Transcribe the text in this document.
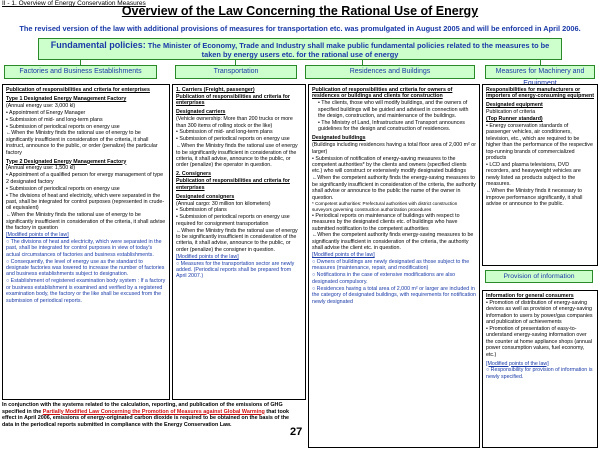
II - 1. Overview of Energy Conservation Measures
Overview of the Law Concerning the Rational Use of Energy
The revised version of the law with additional provisions of measures for transportation etc. was promulgated in August 2005 and will be enforced in April 2006.
Fundamental policies: The Minister of Economy, Trade and Industry shall make public fundamental policies related to the measures to be taken by energy users etc. for the rational use of energy
Factories and Business Establishments	Transportation	Residences and Buildings	Measures for Machinery and

Publication of responsibilities and criteria for enterprises

Type 1 Designated Energy Management Factory

(Annual energy use: 3,000 kl)

• Appointment of Energy Manager

• Submission of mid- and long-term plans

• Submission of periodical reports on energy use

←When the Ministry finds the rational use of energy to be significantly insufficient in consideration of the criteria, it shall instruct, announce to the public, or order (penalize) the particular factory

Type 2 Designated Energy Management Factory

(Annual energy use: 1,500 kl)

• Appointment of a qualified person for energy management of type 2 designated factory

• Submission of periodical reports on energy use

• The divisions of heat and electricity, which were separated in the past, shall be integrated for control purposes (represented in crude-oil equivalent)

←When the Ministry finds the rational use of energy to be significantly insufficient in consideration of the criteria, it shall advise the factory in question

[Modified points of the law]

○ The divisions of heat and electricity, which were separated in the past, shall be integrated for control purposes in view of today's actual circumstances of factories and business establishments.

○ Consequently, the level of energy use as the standard to designate factories was lowered to increase the number of factories and business establishments subject to designation.

○ Establishment of registered examination body system : If a factory or business establishment is examined and verified by a registered examination body, the factory or the like shall be excused from the submission of periodical reports.

1. Carriers (Freight, passenger)

Publication of responsibilities and criteria for enterprises

Designated carriers

(Vehicle ownership: More than 200 trucks or more than 300 items of rolling stock or the like)

• Submission of mid- and long-term plans

• Submission of periodical reports on energy use

←When the Ministry finds the rational use of energy to be significantly insufficient in consideration of the criteria, it shall advise, announce to the public, or order (penalize) the operator in question.

2. Consigners

Publication of responsibilities and criteria for enterprises

Designated consigners

(Annual cargo: 30 million ton kilometers)

• Submission of plans

• Submission of periodical reports on energy use required for consignment transportation

←When the Ministry finds the rational use of energy to be significantly insufficient in consideration of the criteria, it shall advise, announce to the public, or order (penalize) the consigner in question.

[Modified points of the law]

○ Measures for the transportation sector are newly added. (Periodical reports shall be prepared from April 2007.)

Publication of responsibilities and criteria for owners of residences or buildings and clients for construction

• The clients, those who will modify buildings, and the owners of specified buildings will be guided and advised in connection with the design, construction, and maintenance of the buildings.

• The Ministry of Land, Infrastructure and Transport announces guidelines for the design and construction of residences.

Designated buildings

(Buildings including residences having a total floor area of 2,000 m² or larger)

• Submission of notification of energy-saving measures to the competent authorities* by the clients and owners (specified clients etc.) who will construct or extensively modify designated buildings

←When the competent authority finds the energy-saving measures to be significantly insufficient in consideration of the criteria, the authority shall advise or announce to the public the name of the owner in question.

* Competent authorities: Prefectural authorities with district construction surveyors governing construction authorization procedures

• Periodical reports on maintenance of buildings with respect to measures by the designated clients etc. of buildings who have submitted notification to the competent authorities

←When the competent authority finds energy-saving measures to be significantly insufficient in consideration of the criteria, the authority shall advise the client etc. in question.

[Modified points of the law]

○ Owners of buildings are newly designated as those subject to the measures (maintenance, repair, and modification)

○ Notifications in the case of extensive modifications are also designated compulsory.

○ Residences having a total area of 2,000 m² or larger are included in the category of designated buildings, with requirements for notification newly designated

Responsibilities for manufacturers or importers of energy-consuming equipment

Designated equipment

Publication of criteria

(Top Runner standard)

• Energy conservation standards of passenger vehicles, air conditioners, television, etc., which are required to be higher than the performance of the respective top-running brands of commercialized products

• LCD and plasma televisions, DVD recorders, and heavyweight vehicles are newly listed as products subject to the measures.

←When the Ministry finds it necessary to improve performance significantly, it shall advise or announce to the public.

Provision of information

Information for general consumers

• Promotion of distribution of energy-saving devices as well as provision of energy-saving information to users by power/gas companies and publication of achievements

• Promotion of presentation of easy-to-understand energy-saving information over the counter at home appliance shops (annual power consumption values, fuel economy, etc.)

[Modified points of the law]

○ Responsibility for provision of information is newly specified.

In conjunction with the systems related to the calculation, reporting, and publication of the emissions of GHG specified in the Partially Modified Law Concerning the Promotion of Measures against Global Warming that took effect in April 2006, emissions of energy-originated carbon dioxide is required to be obtained on the basis of the data in the periodical reports submitted in compliance with the Energy Conservation Law.
27
